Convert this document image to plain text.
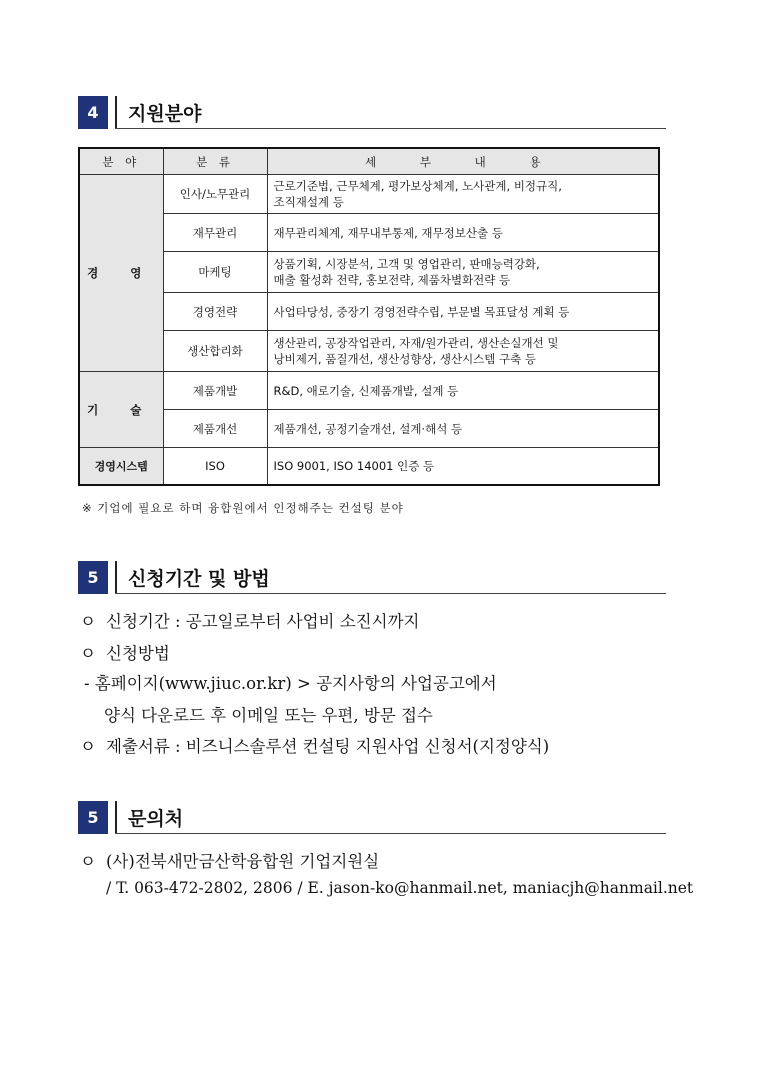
4	지원분야
분 야	분 류	세 부 내 용
경 영	인사/노무관리	근로기준법, 근무체계, 평가보상체계, 노사관계, 비정규직,
조직재설계 등
	재무관리	재무관리체계, 재무내부통제, 재무정보산출 등
	마케팅	상품기획, 시장분석, 고객 및 영업관리, 판매능력강화,
매출 활성화 전략, 홍보전략, 제품차별화전략 등
	경영전략	사업타당성, 중장기 경영전략수립, 부문별 목표달성 계획 등
	생산합리화	생산관리, 공장작업관리, 자재/원가관리, 생산손실개선 및
낭비제거, 품질개선, 생산성향상, 생산시스템 구축 등
기 술	제품개발	R&D, 애로기술, 신제품개발, 설계 등
	제품개선	제품개선, 공정기술개선, 설계·해석 등
경영시스템	ISO	ISO 9001, ISO 14001 인증 등
※ 기업에 필요로 하며 융합원에서 인정해주는 컨설팅 분야
5	신청기간 및 방법
ㅇ 신청기간 : 공고일로부터 사업비 소진시까지
ㅇ 신청방법
- 홈페이지(www.jiuc.or.kr) > 공지사항의 사업공고에서
양식 다운로드 후 이메일 또는 우편, 방문 접수
ㅇ 제출서류 : 비즈니스솔루션 컨설팅 지원사업 신청서(지정양식)
5	문의처
ㅇ (사)전북새만금산학융합원 기업지원실
/ T. 063-472-2802, 2806 / E. jason-ko@hanmail.net, maniacjh@hanmail.net
